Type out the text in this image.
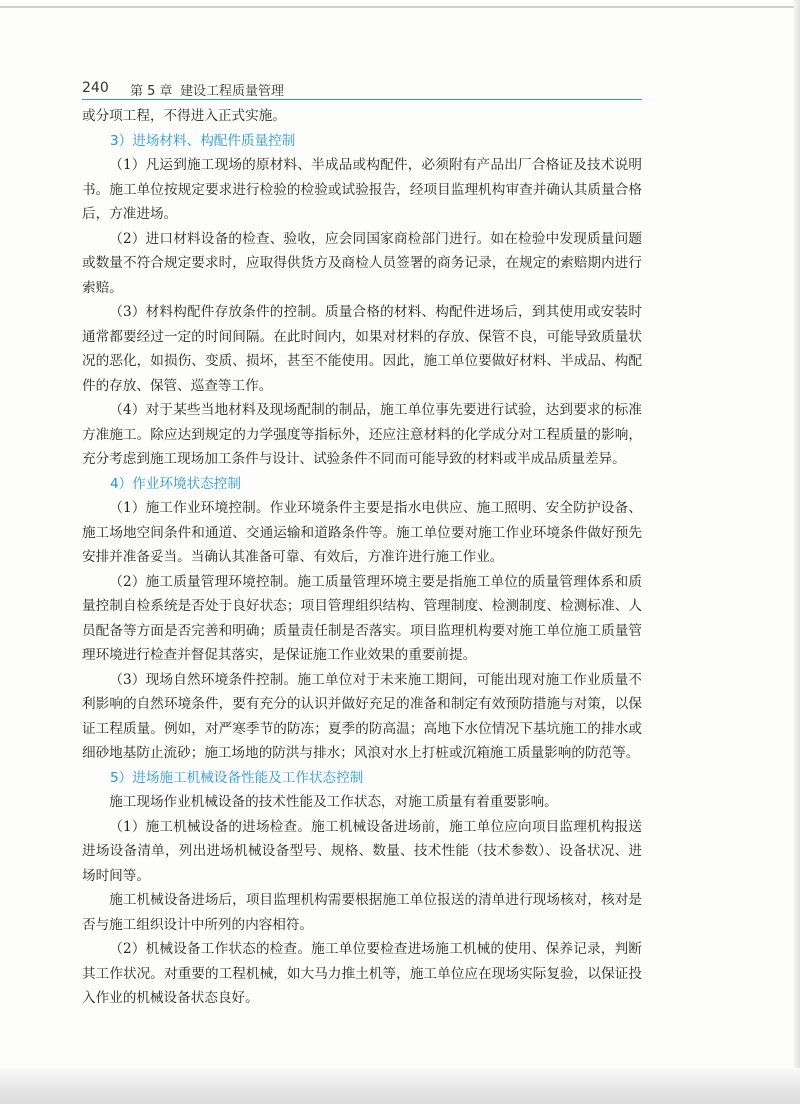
240 第 5 章 建设工程质量管理

或分项工程，不得进入正式实施。

3）进场材料、构配件质量控制

（1）凡运到施工现场的原材料、半成品或构配件，必须附有产品出厂合格证及技术说明书。施工单位按规定要求进行检验的检验或试验报告，经项目监理机构审查并确认其质量合格后，方准进场。

（2）进口材料设备的检查、验收，应会同国家商检部门进行。如在检验中发现质量问题或数量不符合规定要求时，应取得供货方及商检人员签署的商务记录，在规定的索赔期内进行索赔。

（3）材料构配件存放条件的控制。质量合格的材料、构配件进场后，到其使用或安装时通常都要经过一定的时间间隔。在此时间内，如果对材料的存放、保管不良，可能导致质量状况的恶化，如损伤、变质、损坏，甚至不能使用。因此，施工单位要做好材料、半成品、构配件的存放、保管、巡查等工作。

（4）对于某些当地材料及现场配制的制品，施工单位事先要进行试验，达到要求的标准方准施工。除应达到规定的力学强度等指标外，还应注意材料的化学成分对工程质量的影响，充分考虑到施工现场加工条件与设计、试验条件不同而可能导致的材料或半成品质量差异。

4）作业环境状态控制

（1）施工作业环境控制。作业环境条件主要是指水电供应、施工照明、安全防护设备、施工场地空间条件和通道、交通运输和道路条件等。施工单位要对施工作业环境条件做好预先安排并准备妥当。当确认其准备可靠、有效后，方准许进行施工作业。

（2）施工质量管理环境控制。施工质量管理环境主要是指施工单位的质量管理体系和质量控制自检系统是否处于良好状态；项目管理组织结构、管理制度、检测制度、检测标准、人员配备等方面是否完善和明确；质量责任制是否落实。项目监理机构要对施工单位施工质量管理环境进行检查并督促其落实，是保证施工作业效果的重要前提。

（3）现场自然环境条件控制。施工单位对于未来施工期间，可能出现对施工作业质量不利影响的自然环境条件，要有充分的认识并做好充足的准备和制定有效预防措施与对策，以保证工程质量。例如，对严寒季节的防冻；夏季的防高温；高地下水位情况下基坑施工的排水或细砂地基防止流砂；施工场地的防洪与排水；风浪对水上打桩或沉箱施工质量影响的防范等。

5）进场施工机械设备性能及工作状态控制

施工现场作业机械设备的技术性能及工作状态，对施工质量有着重要影响。

（1）施工机械设备的进场检查。施工机械设备进场前，施工单位应向项目监理机构报送进场设备清单，列出进场机械设备型号、规格、数量、技术性能（技术参数）、设备状况、进场时间等。

施工机械设备进场后，项目监理机构需要根据施工单位报送的清单进行现场核对，核对是否与施工组织设计中所列的内容相符。

（2）机械设备工作状态的检查。施工单位要检查进场施工机械的使用、保养记录，判断其工作状况。对重要的工程机械，如大马力推土机等，施工单位应在现场实际复验，以保证投入作业的机械设备状态良好。
